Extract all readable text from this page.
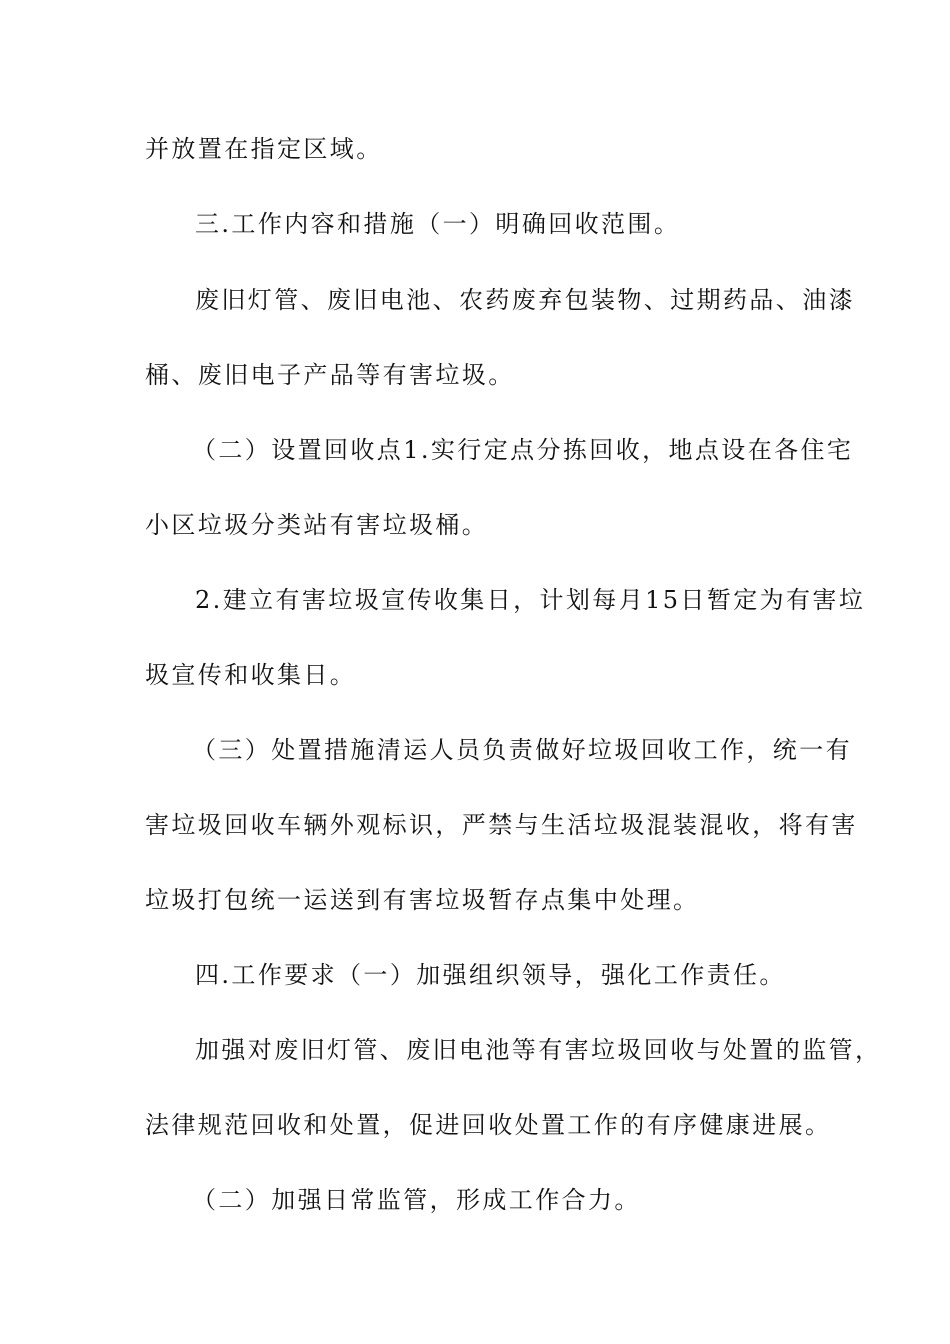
并放置在指定区域。
三.工作内容和措施（一）明确回收范围。
废旧灯管、废旧电池、农药废弃包装物、过期药品、油漆
桶、废旧电子产品等有害垃圾。
（二）设置回收点1.实行定点分拣回收，地点设在各住宅
小区垃圾分类站有害垃圾桶。
2.建立有害垃圾宣传收集日，计划每月15日暂定为有害垃
圾宣传和收集日。
（三）处置措施清运人员负责做好垃圾回收工作，统一有
害垃圾回收车辆外观标识，严禁与生活垃圾混装混收，将有害
垃圾打包统一运送到有害垃圾暂存点集中处理。
四.工作要求（一）加强组织领导，强化工作责任。
加强对废旧灯管、废旧电池等有害垃圾回收与处置的监管，
法律规范回收和处置，促进回收处置工作的有序健康进展。
（二）加强日常监管，形成工作合力。
